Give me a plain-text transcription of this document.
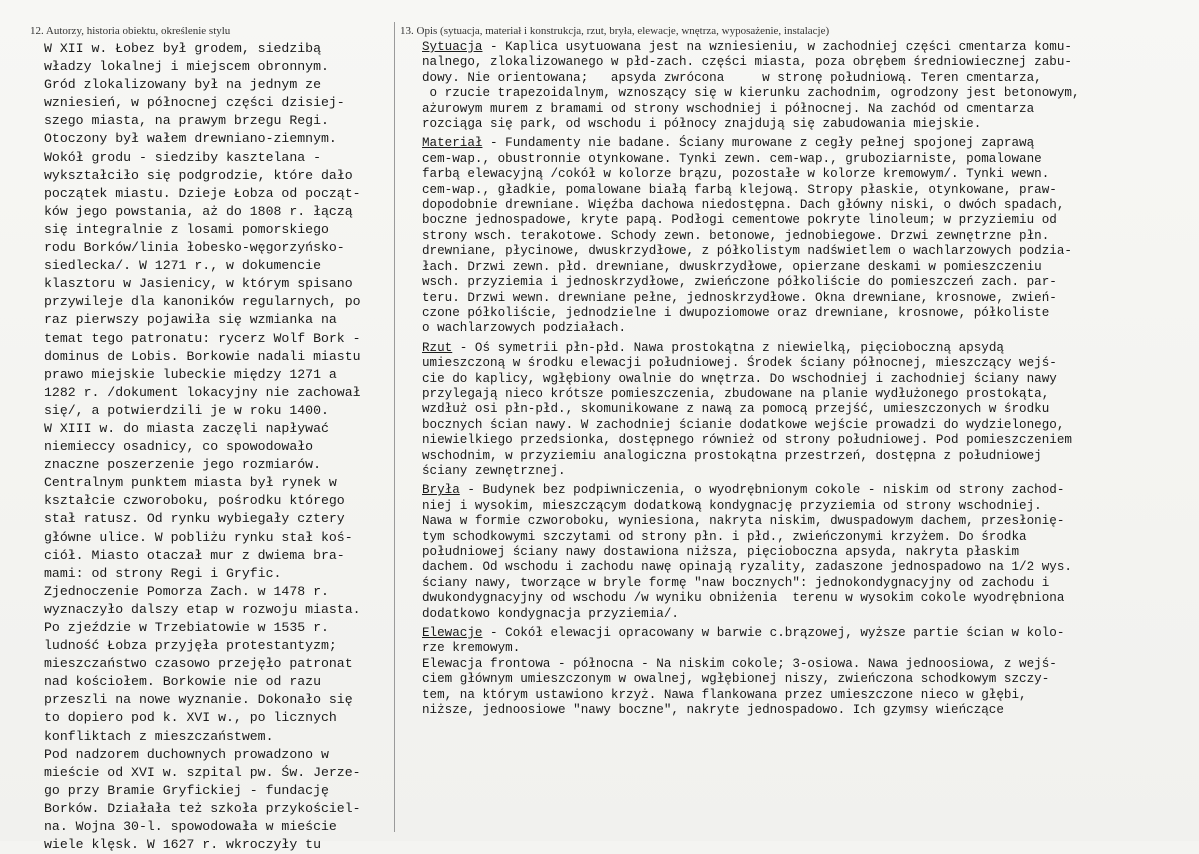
12. Autorzy, historia obiektu, określenie stylu
W XII w. Łobez był grodem, siedzibą
władzy lokalnej i miejscem obronnym.
Gród zlokalizowany był na jednym ze
wzniesień, w północnej części dzisiej-
szego miasta, na prawym brzegu Regi.
Otoczony był wałem drewniano-ziemnym.
Wokół grodu - siedziby kasztelana -
wykształciło się podgrodzie, które dało
początek miastu. Dzieje Łobza od począt-
ków jego powstania, aż do 1808 r. łączą
się integralnie z losami pomorskiego
rodu Borków/linia łobesko-węgorzyńsko-
siedlecka/. W 1271 r., w dokumencie
klasztoru w Jasienicy, w którym spisano
przywileje dla kanoników regularnych, po
raz pierwszy pojawiła się wzmianka na
temat tego patronatu: rycerz Wolf Bork -
dominus de Lobis. Borkowie nadali miastu
prawo miejskie lubeckie między 1271 a
1282 r. /dokument lokacyjny nie zachował
się/, a potwierdzili je w roku 1400.
W XIII w. do miasta zaczęli napływać
niemieccy osadnicy, co spowodowało
znaczne poszerzenie jego rozmiarów.
Centralnym punktem miasta był rynek w
kształcie czworoboku, pośrodku którego
stał ratusz. Od rynku wybiegały cztery
główne ulice. W pobliżu rynku stał koś-
ciół. Miasto otaczał mur z dwiema bra-
mami: od strony Regi i Gryfic.
Zjednoczenie Pomorza Zach. w 1478 r.
wyznaczyło dalszy etap w rozwoju miasta.
Po zjeździe w Trzebiatowie w 1535 r.
ludność Łobza przyjęła protestantyzm;
mieszczaństwo czasowo przejęło patronat
nad kościołem. Borkowie nie od razu
przeszli na nowe wyznanie. Dokonało się
to dopiero pod k. XVI w., po licznych
konfliktach z mieszczaństwem.
Pod nadzorem duchownych prowadzono w
mieście od XVI w. szpital pw. Św. Jerze-
go przy Bramie Gryfickiej - fundację
Borków. Działała też szkoła przykościel-
na. Wojna 30-l. spowodowała w mieście
wiele klęsk. W 1627 r. wkroczyły tu
13. Opis (sytuacja, materiał i konstrukcja, rzut, bryła, elewacje, wnętrza, wyposażenie, instalacje)
Sytuacja - Kaplica usytuowana jest na wzniesieniu, w zachodniej części cmentarza komu-
nalnego, zlokalizowanego w płd-zach. części miasta, poza obrębem średniowiecznej zabu-
dowy. Nie orientowana;   apsyda zwrócona     w stronę południową. Teren cmentarza,
o rzucie trapezoidalnym, wznoszący się w kierunku zachodnim, ogrodzony jest betonowym,
ażurowym murem z bramami od strony wschodniej i północnej. Na zachód od cmentarza
rozciąga się park, od wschodu i północy znajdują się zabudowania miejskie.
Materiał - Fundamenty nie badane. Ściany murowane z cegły pełnej spojonej zaprawą
cem-wap., obustronnie otynkowane. Tynki zewn. cem-wap., gruboziarniste, pomalowane
farbą elewacyjną /cokół w kolorze brązu, pozostałe w kolorze kremowym/. Tynki wewn.
cem-wap., gładkie, pomalowane białą farbą klejową. Stropy płaskie, otynkowane, praw-
dopodobnie drewniane. Więźba dachowa niedostępna. Dach główny niski, o dwóch spadach,
boczne jednospadowe, kryte papą. Podłogi cementowe pokryte linoleum; w przyziemiu od
strony wsch. terakotowe. Schody zewn. betonowe, jednobiegowe. Drzwi zewnętrzne płn.
drewniane, płycinowe, dwuskrzydłowe, z półkolistym nadświetlem o wachlarzowych podzia-
łach. Drzwi zewn. płd. drewniane, dwuskrzydłowe, opierzane deskami w pomieszczeniu
wsch. przyziemia i jednoskrzydłowe, zwieńczone półkoliście do pomieszczeń zach. par-
teru. Drzwi wewn. drewniane pełne, jednoskrzydłowe. Okna drewniane, krosnowe, zwień-
czone półkoliście, jednodzielne i dwupoziomowe oraz drewniane, krosnowe, półkoliste
o wachlarzowych podziałach.
Rzut - Oś symetrii płn-płd. Nawa prostokątna z niewielką, pięcioboczną apsydą
umieszczoną w środku elewacji południowej. Środek ściany północnej, mieszczący wejś-
cie do kaplicy, wgłębiony owalnie do wnętrza. Do wschodniej i zachodniej ściany nawy
przylegają nieco krótsze pomieszczenia, zbudowane na planie wydłużonego prostokąta,
wzdłuż osi płn-płd., skomunikowane z nawą za pomocą przejść, umieszczonych w środku
bocznych ścian nawy. W zachodniej ścianie dodatkowe wejście prowadzi do wydzielonego,
niewielkiego przedsionka, dostępnego również od strony południowej. Pod pomieszczeniem
wschodnim, w przyziemiu analogiczna prostokątna przestrzeń, dostępna z południowej
ściany zewnętrznej.
Bryła - Budynek bez podpiwniczenia, o wyodrębnionym cokole - niskim od strony zachod-
niej i wysokim, mieszczącym dodatkową kondygnację przyziemia od strony wschodniej.
Nawa w formie czworoboku, wyniesiona, nakryta niskim, dwuspadowym dachem, przesłonię-
tym schodkowymi szczytami od strony płn. i płd., zwieńczonymi krzyżem. Do środka
południowej ściany nawy dostawiona niższa, pięcioboczna apsyda, nakryta płaskim
dachem. Od wschodu i zachodu nawę opinają ryzality, zadaszone jednospadowo na 1/2 wys.
ściany nawy, tworzące w bryle formę "naw bocznych": jednokondygnacyjny od zachodu i
dwukondygnacyjny od wschodu /w wyniku obniżenia  terenu w wysokim cokole wyodrębniona
dodatkowo kondygnacja przyziemia/.
Elewacje - Cokół elewacji opracowany w barwie c.brązowej, wyższe partie ścian w kolo-
rze kremowym.
Elewacja frontowa - północna - Na niskim cokole; 3-osiowa. Nawa jednoosiowa, z wejś-
ciem głównym umieszczonym w owalnej, wgłębionej niszy, zwieńczona schodkowym szczy-
tem, na którym ustawiono krzyż. Nawa flankowana przez umieszczone nieco w głębi,
niższe, jednoosiowe "nawy boczne", nakryte jednospadowo. Ich gzymsy wieńczące
